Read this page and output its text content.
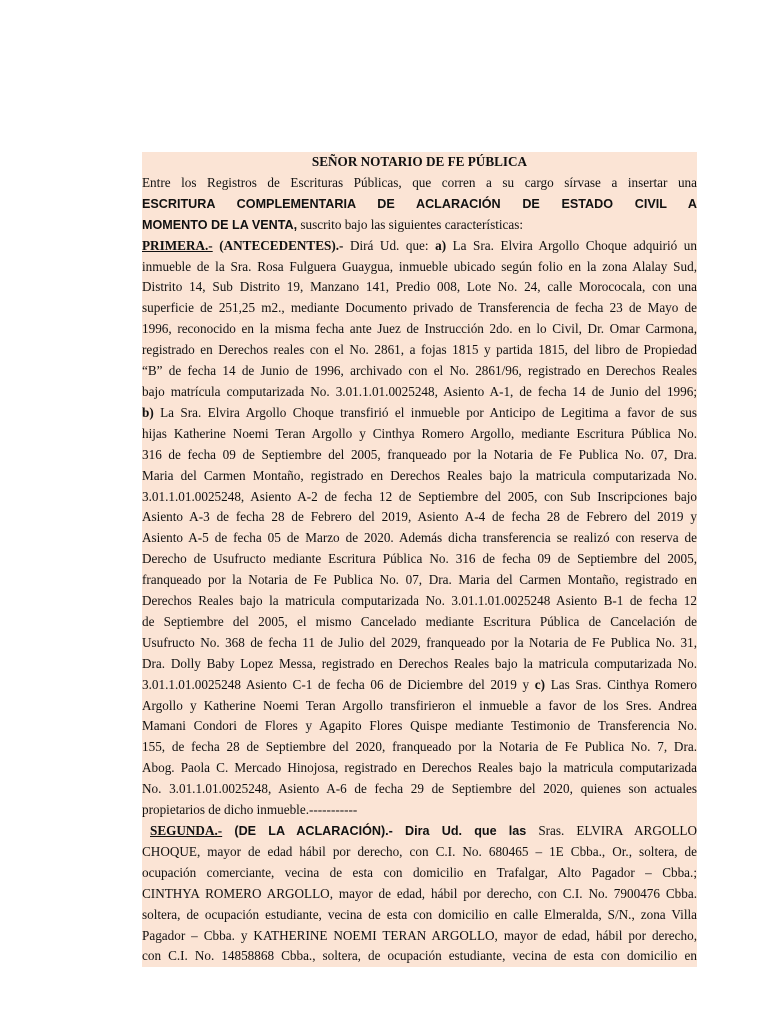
SEÑOR NOTARIO DE FE PÚBLICA
Entre los Registros de Escrituras Públicas, que corren a su cargo sírvase a insertar una
ESCRITURA COMPLEMENTARIA DE ACLARACIÓN DE ESTADO CIVIL A
MOMENTO DE LA VENTA, suscrito bajo las siguientes características:
PRIMERA.- (ANTECEDENTES).- Dirá Ud. que: a) La Sra. Elvira Argollo Choque adquirió un
inmueble de la Sra. Rosa Fulguera Guaygua, inmueble ubicado según folio en la zona Alalay Sud,
Distrito 14, Sub Distrito 19, Manzano 141, Predio 008, Lote No. 24, calle Morococala, con una
superficie de 251,25 m2., mediante Documento privado de Transferencia de fecha 23 de Mayo de
1996, reconocido en la misma fecha ante Juez de Instrucción 2do. en lo Civil, Dr. Omar Carmona,
registrado en Derechos reales con el No. 2861, a fojas 1815 y partida 1815, del libro de Propiedad
“B” de fecha 14 de Junio de 1996, archivado con el No. 2861/96, registrado en Derechos Reales
bajo matrícula computarizada No. 3.01.1.01.0025248, Asiento A-1, de fecha 14 de Junio del 1996;
b) La Sra. Elvira Argollo Choque transfirió el inmueble por Anticipo de Legitima a favor de sus
hijas Katherine Noemi Teran Argollo y Cinthya Romero Argollo, mediante Escritura Pública No.
316 de fecha 09 de Septiembre del 2005, franqueado por la Notaria de Fe Publica No. 07, Dra.
Maria del Carmen Montaño, registrado en Derechos Reales bajo la matricula computarizada No.
3.01.1.01.0025248, Asiento A-2 de fecha 12 de Septiembre del 2005, con Sub Inscripciones bajo
Asiento A-3 de fecha 28 de Febrero del 2019, Asiento A-4 de fecha 28 de Febrero del 2019 y
Asiento A-5 de fecha 05 de Marzo de 2020. Además dicha transferencia se realizó con reserva de
Derecho de Usufructo mediante Escritura Pública No. 316 de fecha 09 de Septiembre del 2005,
franqueado por la Notaria de Fe Publica No. 07, Dra. Maria del Carmen Montaño, registrado en
Derechos Reales bajo la matricula computarizada No. 3.01.1.01.0025248 Asiento B-1 de fecha 12
de Septiembre del 2005, el mismo Cancelado mediante Escritura Pública de Cancelación de
Usufructo No. 368 de fecha 11 de Julio del 2029, franqueado por la Notaria de Fe Publica No. 31,
Dra. Dolly Baby Lopez Messa, registrado en Derechos Reales bajo la matricula computarizada No.
3.01.1.01.0025248 Asiento C-1 de fecha 06 de Diciembre del 2019 y c) Las Sras. Cinthya Romero
Argollo y Katherine Noemi Teran Argollo transfirieron el inmueble a favor de los Sres. Andrea
Mamani Condori de Flores y Agapito Flores Quispe mediante Testimonio de Transferencia No.
155, de fecha 28 de Septiembre del 2020, franqueado por la Notaria de Fe Publica No. 7, Dra.
Abog. Paola C. Mercado Hinojosa, registrado en Derechos Reales bajo la matricula computarizada
No. 3.01.1.01.0025248, Asiento A-6 de fecha 29 de Septiembre del 2020, quienes son actuales
propietarios de dicho inmueble.-----------
SEGUNDA.- (DE LA ACLARACIÓN).- Dira Ud. que las Sras. ELVIRA ARGOLLO
CHOQUE, mayor de edad hábil por derecho, con C.I. No. 680465 – 1E Cbba., Or., soltera, de
ocupación comerciante, vecina de esta con domicilio en Trafalgar, Alto Pagador – Cbba.;
CINTHYA ROMERO ARGOLLO, mayor de edad, hábil por derecho, con C.I. No. 7900476 Cbba.
soltera, de ocupación estudiante, vecina de esta con domicilio en calle Elmeralda, S/N., zona Villa
Pagador – Cbba. y KATHERINE NOEMI TERAN ARGOLLO, mayor de edad, hábil por derecho,
con C.I. No. 14858868 Cbba., soltera, de ocupación estudiante, vecina de esta con domicilio en
